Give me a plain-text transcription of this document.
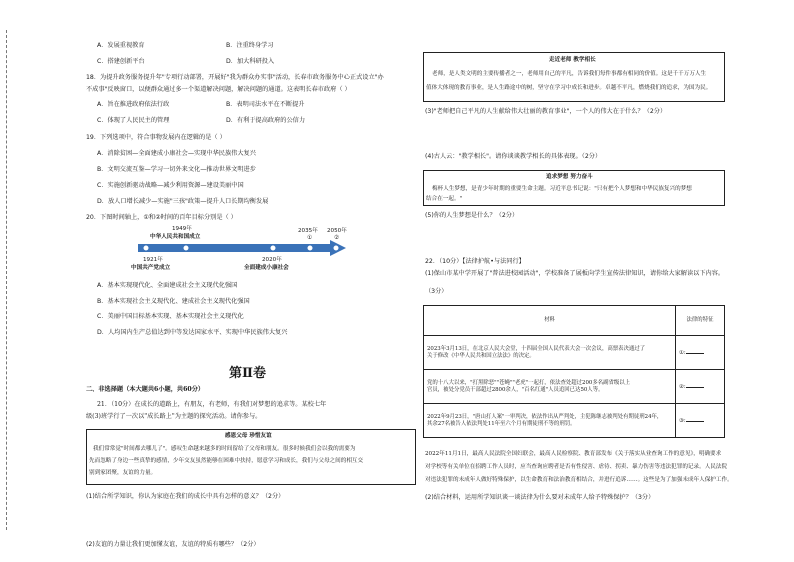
A．发展重视教育	B．注重终身学习
C．搭建创新平台	D．加大科研投入
18．为提升政务服务提升年"专项行动部署，开展好"我为群众办实事"活动，长春市政务服务中心正式设立"办
不成事"反映窗口，以便群众通过多一个渠道解决问题，解决问题的通道。这表明长春市政府（ ）
A．旨在推进政府依法行政	B．表明司法水平在不断提升
C．体现了人民民主的管理	D．有利于提高政府的公信力
19．下列选项中，符合事物发展内在逻辑的是（ ）
A．消除贫困—全面建成小康社会—实现中华民族伟大复兴
B．文明交流互鉴—学习一切外来文化—推动世界文明进步
C．实施创新驱动战略—减少利用资源—建设美丽中国
D．放人口增长减少—实施"三孩"政策—提升人口长期均衡发展
20．下图时间轴上，①和②时间的百年目标分别是（ ）
1949年
中华人民共和国成立
2035年 2050年
①	②
1921年
中国共产党成立
2020年
全面建成小康社会
A．基本实现现代化、全面建成社会主义现代化强国
B．基本实现社会主义现代化、建成社会主义现代化强国
C．美丽中国目标基本实现、基本实现社会主义现代化
D．人均国内生产总值达到中等发达国家水平、实现中华民族伟大复兴
第Ⅱ卷
二、非选择题（本大题共6小题，共60分）
21．（10分）在成长的道路上，有朋友，有老师，有我们对梦想的追求等。某校七年
级(3)班学行了一次以"成长路上"为主题的探究活动。请你参与。
感恩父母 珍惜友谊
我们常常觉"时间都去哪儿了"。感叹生命越来越多的时间留给了父母和朋友。很多时候我们会以我的需要为
先而忽略了身边一些真挚的感情，少年交友虽然能够在困难中扶持，愿意学习和成长，我们与父母之间的相互交
别到家团聚，友谊的力量。
(1)结合所学知识，你认为家庭在我们的成长中具有怎样的意义？（2分）
(2)友谊的力量让我们更加懂友谊，友谊的特质有哪些？（2分）
走近老师 教学相长
老师，是人类文明的主要传播者之一，老师用自己的平凡，告诉我们每件事都有相同的价值。这是千千万万人生
值体大体现的教育事业，是人生路途中的树，坚守在学习中成长和进步。卓越不平凡，燃烧我们的追求，为国为民。
(3)"老师把自己平凡的人生献给伟大壮丽的教育事业"，一个人的伟大在于什么？（2分）
(4)古人云："教学相长"。请你谈谈教学相长的具体表现。（2分）
追求梦想 努力奋斗
梅杯人生梦想，是青少年时期的重要生命主题。习近平总书记说："只有把个人梦想和中华民族复兴的梦想
结合在一起。"
(5)你的人生梦想是什么？（2分）
22．（10分）【法律护航•与法同行】
(1)保山市某中学开展了"普法进校园活动"，学校准备了展板向学生宣传法律知识，请你给大家解读以下内容。
（3分）
材料	法律的特征

2023年3月13日，在北京人民大会堂，十四届全国人民代表大会一次会议，高票表决通过了
关于修改《中华人民共和国立法法》的决定。	①:

党的十八大以来，"打黑除恶""苍蝇""老虎"一起打，依法查处超过200多名副省级以上
官员，被处分党员干部超过2800余人，"百名红通"人员追回已达50人等。	②:

2022年9月23日，"唐山打人案"一审判决，依法作出从严判处，主犯陈继志被判处有期徒刑24年，
其余27名被告人依法判处11年至六个月有期徒刑不等的刑罚。	③:
2022年11月1日，最高人民法院全国妇联会，最高人民检察院、教育部发布《关于落实从业查询工作的意见》，明确要求
对学校等有关单位在招聘工作人员时，应当查询应聘者是否有性侵害、虐待、拐卖、暴力伤害等违法犯罪的记录。人民法院
对违法犯罪的未成年人做好特殊保护，以生命教育和法治教育相结合，并进行追诉……。这些是为了加强未成年人保护工作。
(2)结合材料，运用所学知识谈一谈法律为什么要对未成年人给予特殊保护？（3分）
